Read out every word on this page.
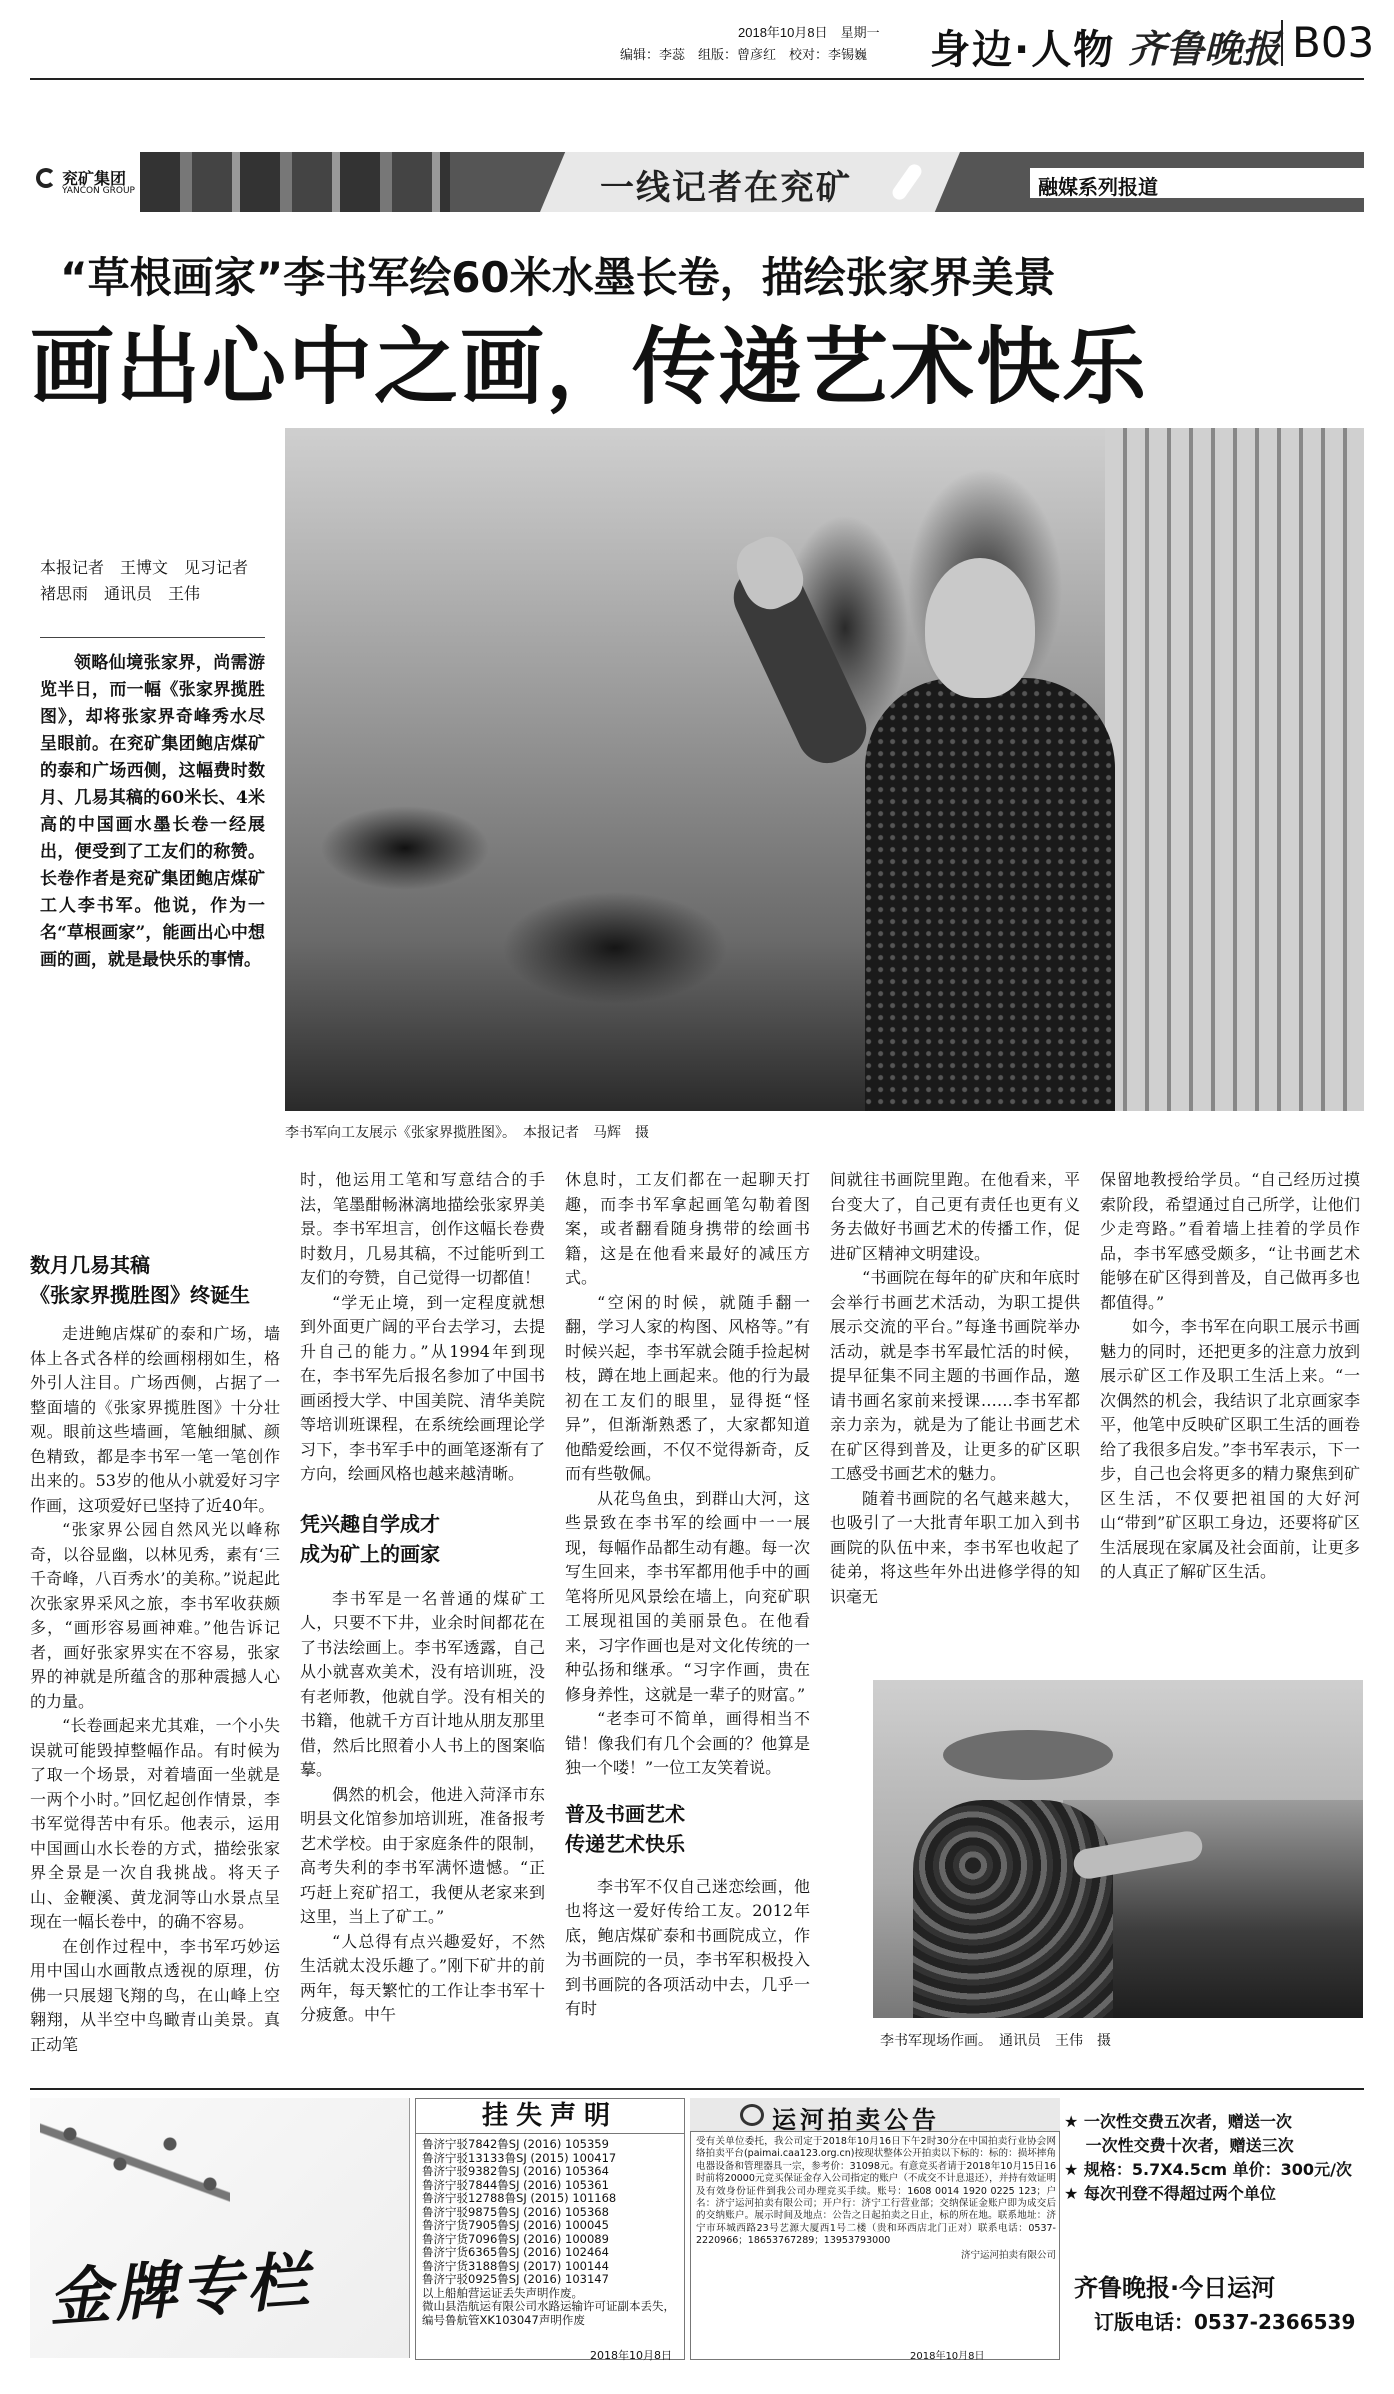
2018年10月8日　 星期一
编辑：李蕊　组版：曾彦红　校对：李锡巍 身边·人物 齐鲁晚报 B03
兖矿集团
YANCON GROUP	一线记者在兖矿	融媒系列报道
“草根画家”李书军绘60米水墨长卷，描绘张家界美景
画出心中之画，传递艺术快乐
李书军向工友展示《张家界揽胜图》。　本报记者　马辉　摄
本报记者　王博文　见习记者　褚思雨　通讯员　王伟
领略仙境张家界，尚需游览半日，而一幅《张家界揽胜图》，却将张家界奇峰秀水尽呈眼前。在兖矿集团鲍店煤矿的泰和广场西侧，这幅费时数月、几易其稿的60米长、4米高的中国画水墨长卷一经展出，便受到了工友们的称赞。长卷作者是兖矿集团鲍店煤矿工人李书军。他说，作为一名“草根画家”，能画出心中想画的画，就是最快乐的事情。
数月几易其稿
《张家界揽胜图》终诞生

走进鲍店煤矿的泰和广场，墙体上各式各样的绘画栩栩如生，格外引人注目。广场西侧，占据了一整面墙的《张家界揽胜图》十分壮观。眼前这些墙画，笔触细腻、颜色精致，都是李书军一笔一笔创作出来的。53岁的他从小就爱好习字作画，这项爱好已坚持了近40年。

“张家界公园自然风光以峰称奇，以谷显幽，以林见秀，素有‘三千奇峰，八百秀水’的美称。”说起此次张家界采风之旅，李书军收获颇多，“画形容易画神难。”他告诉记者，画好张家界实在不容易，张家界的神就是所蕴含的那种震撼人心的力量。

“长卷画起来尤其难，一个小失误就可能毁掉整幅作品。有时候为了取一个场景，对着墙面一坐就是一两个小时。”回忆起创作情景，李书军觉得苦中有乐。他表示，运用中国画山水长卷的方式，描绘张家界全景是一次自我挑战。将天子山、金鞭溪、黄龙洞等山水景点呈现在一幅长卷中，的确不容易。

在创作过程中，李书军巧妙运用中国山水画散点透视的原理，仿佛一只展翅飞翔的鸟，在山峰上空翱翔，从半空中鸟瞰青山美景。真正动笔

时，他运用工笔和写意结合的手法，笔墨酣畅淋漓地描绘张家界美景。李书军坦言，创作这幅长卷费时数月，几易其稿，不过能听到工友们的夸赞，自己觉得一切都值！

“学无止境，到一定程度就想到外面更广阔的平台去学习，去提升自己的能力。”从1994年到现在，李书军先后报名参加了中国书画函授大学、中国美院、清华美院等培训班课程，在系统绘画理论学习下，李书军手中的画笔逐渐有了方向，绘画风格也越来越清晰。

凭兴趣自学成才
成为矿上的画家

李书军是一名普通的煤矿工人，只要不下井，业余时间都花在了书法绘画上。李书军透露，自己从小就喜欢美术，没有培训班，没有老师教，他就自学。没有相关的书籍，他就千方百计地从朋友那里借，然后比照着小人书上的图案临摹。

偶然的机会，他进入菏泽市东明县文化馆参加培训班，准备报考艺术学校。由于家庭条件的限制，高考失利的李书军满怀遗憾。“正巧赶上兖矿招工，我便从老家来到这里，当上了矿工。”

“人总得有点兴趣爱好，不然生活就太没乐趣了。”刚下矿井的前两年，每天繁忙的工作让李书军十分疲惫。中午

休息时，工友们都在一起聊天打趣，而李书军拿起画笔勾勒着图案，或者翻看随身携带的绘画书籍，这是在他看来最好的减压方式。

“空闲的时候，就随手翻一翻，学习人家的构图、风格等。”有时候兴起，李书军就会随手捡起树枝，蹲在地上画起来。他的行为最初在工友们的眼里，显得挺“怪异”，但渐渐熟悉了，大家都知道他酷爱绘画，不仅不觉得新奇，反而有些敬佩。

从花鸟鱼虫，到群山大河，这些景致在李书军的绘画中一一展现，每幅作品都生动有趣。每一次写生回来，李书军都用他手中的画笔将所见风景绘在墙上，向兖矿职工展现祖国的美丽景色。在他看来，习字作画也是对文化传统的一种弘扬和继承。“习字作画，贵在修身养性，这就是一辈子的财富。”

“老李可不简单，画得相当不错！像我们有几个会画的？他算是独一个喽！”一位工友笑着说。

普及书画艺术
传递艺术快乐

李书军不仅自己迷恋绘画，他也将这一爱好传给工友。2012年底，鲍店煤矿泰和书画院成立，作为书画院的一员，李书军积极投入到书画院的各项活动中去，几乎一有时

间就往书画院里跑。在他看来，平台变大了，自己更有责任也更有义务去做好书画艺术的传播工作，促进矿区精神文明建设。

“书画院在每年的矿庆和年底时会举行书画艺术活动，为职工提供展示交流的平台。”每逢书画院举办活动，就是李书军最忙活的时候，提早征集不同主题的书画作品，邀请书画名家前来授课……李书军都亲力亲为，就是为了能让书画艺术在矿区得到普及，让更多的矿区职工感受书画艺术的魅力。

随着书画院的名气越来越大，也吸引了一大批青年职工加入到书画院的队伍中来，李书军也收起了徒弟，将这些年外出进修学得的知识毫无

保留地教授给学员。“自己经历过摸索阶段，希望通过自己所学，让他们少走弯路。”看着墙上挂着的学员作品，李书军感受颇多，“让书画艺术能够在矿区得到普及，自己做再多也都值得。”

如今，李书军在向职工展示书画魅力的同时，还把更多的注意力放到展示矿区工作及职工生活上来。“一次偶然的机会，我结识了北京画家李平，他笔中反映矿区职工生活的画卷给了我很多启发。”李书军表示，下一步，自己也会将更多的精力聚焦到矿区生活，不仅要把祖国的大好河山“带到”矿区职工身边，还要将矿区生活展现在家属及社会面前，让更多的人真正了解矿区生活。

李书军现场作画。　通讯员　王伟　摄
金牌专栏
挂失声明
鲁济宁驳7842鲁SJ (2016) 105359
鲁济宁驳13133鲁SJ (2015) 100417
鲁济宁驳9382鲁SJ (2016) 105364
鲁济宁驳7844鲁SJ (2016) 105361
鲁济宁驳12788鲁SJ (2015) 101168
鲁济宁驳9875鲁SJ (2016) 105368
鲁济宁货7905鲁SJ (2016) 100045
鲁济宁货7096鲁SJ (2016) 100089
鲁济宁货6365鲁SJ (2016) 102464
鲁济宁货3188鲁SJ (2017) 100144
鲁济宁驳0925鲁SJ (2016) 103147
以上船舶营运证丢失声明作废。
微山县浩航运有限公司水路运输许可证副本丢失，编号鲁航管XK103047声明作废
2018年10月8日
运河拍卖公告
受有关单位委托，我公司定于2018年10月16日下午2时30分在中国拍卖行业协会网络拍卖平台(paimai.caa123.org.cn)按现状整体公开拍卖以下标的：标的：损坏摔角电器设备和管理器具一宗，参考价：31098元。有意竞买者请于2018年10月15日16时前将20000元竞买保证金存入公司指定的账户（不成交不计息退还），并持有效证明及有效身份证件到我公司办理竞买手续。账号：1608 0014 1920 0225 123；户名：济宁运河拍卖有限公司；开户行：济宁工行营业部；交纳保证金账户即为成交后的交纳账户。展示时间及地点：公告之日起拍卖之日止，标的所在地。联系地址：济宁市环城西路23号艺源大厦西1号二楼（贵和环西店北门正对）联系电话：0537-2220966；18653767289；13953793000
济宁运河拍卖有限公司
2018年10月8日
★ 一次性交费五次者，赠送一次
　 一次性交费十次者，赠送三次
★ 规格：5.7X4.5cm 单价：300元/次
★ 每次刊登不得超过两个单位
齐鲁晚报·今日运河
订版电话：0537-2366539
